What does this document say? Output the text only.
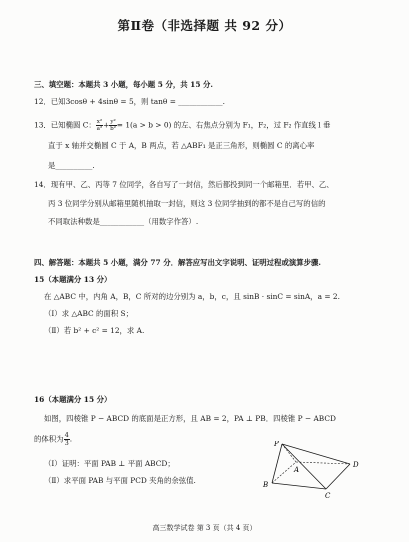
第Ⅱ卷（非选择题 共 92 分）
三、填空题：本题共 3 小题，每小题 5 分，共 15 分.
12．已知3cosθ + 4sinθ = 5，则 tanθ = ____________.
13．已知椭圆 C： $\frac{\text{x²}}{\text{a²}} + \frac{\text{y²}}{\text{b²}} = 1(a > b > 0)$ 的左、右焦点分别为 F₁，F₂，过 F₂ 作直线 l 垂
直于 x 轴并交椭圆 C 于 A，B 两点，若 △ABF₁ 是正三角形，则椭圆 C 的离心率
是__________.
14．现有甲、乙、丙等 7 位同学，各自写了一封信，然后都投到同一个邮箱里．若甲、乙、
丙 3 位同学分别从邮箱里随机抽取一封信，则这 3 位同学抽到的都不是自己写的信的
不同取法种数是____________（用数字作答）.
四、解答题：本题共 5 小题，满分 77 分．解答应写出文字说明、证明过程或演算步骤.
15（本题满分 13 分）
在 △ABC 中，内角 A，B，C 所对的边分别为 a，b，c，且 sinB · sinC = sinA，a = 2.
（Ⅰ）求 △ABC 的面积 S；
（Ⅱ）若 b² + c² = 12，求 A.
16（本题满分 15 分）
如图，四棱锥 P − ABCD 的底面是正方形，且 AB = 2，PA ⊥ PB．四棱锥 P − ABCD
的体积为 $\frac{4}{3}$ .
（Ⅰ）证明：平面 PAB ⊥ 平面 ABCD；
（Ⅱ）求平面 PAB 与平面 PCD 夹角的余弦值.
P
A
B
C
D
高三数学试卷 第 3 页（共 4 页）
